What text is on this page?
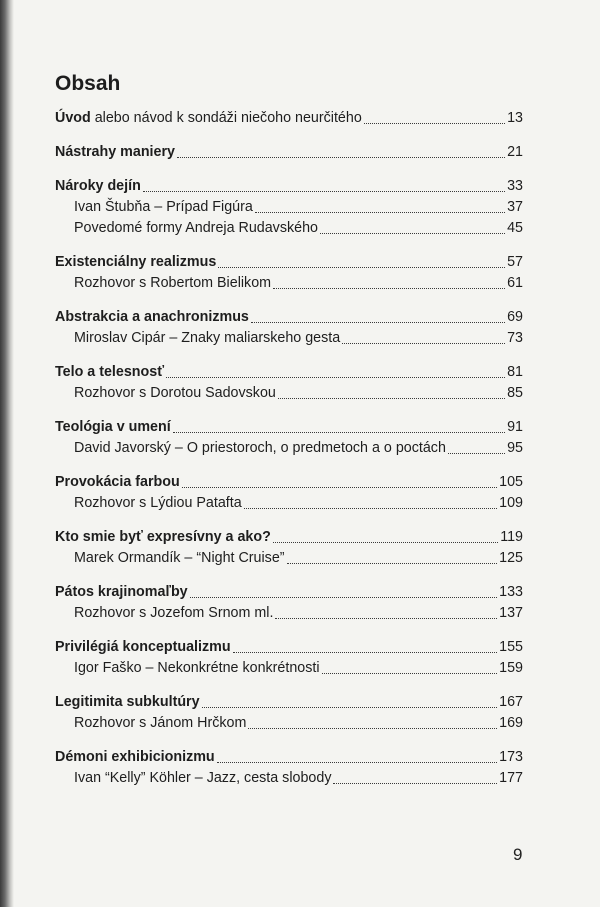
Obsah
Úvod alebo návod k sondáži niečoho neurčitého	13
Nástrahy maniery	21
Nároky dejín	33
Ivan Štubňa – Prípad Figúra	37
Povedomé formy Andreja Rudavského	45
Existenciálny realizmus	57
Rozhovor s Robertom Bielikom	61
Abstrakcia a anachronizmus	69
Miroslav Cipár – Znaky maliarskeho gesta	73
Telo a telesnosť	81
Rozhovor s Dorotou Sadovskou	85
Teológia v umení	91
David Javorský – O priestoroch, o predmetoch a o poctách	95
Provokácia farbou	105
Rozhovor s Lýdiou Patafta	109
Kto smie byť expresívny a ako?	119
Marek Ormandík – “Night Cruise”	125
Pátos krajinomaľby	133
Rozhovor s Jozefom Srnom ml.	137
Privilégiá konceptualizmu	155
Igor Faško – Nekonkrétne konkrétnosti	159
Legitimita subkultúry	167
Rozhovor s Jánom Hrčkom	169
Démoni exhibicionizmu	173
Ivan “Kelly” Köhler – Jazz, cesta slobody	177
9
